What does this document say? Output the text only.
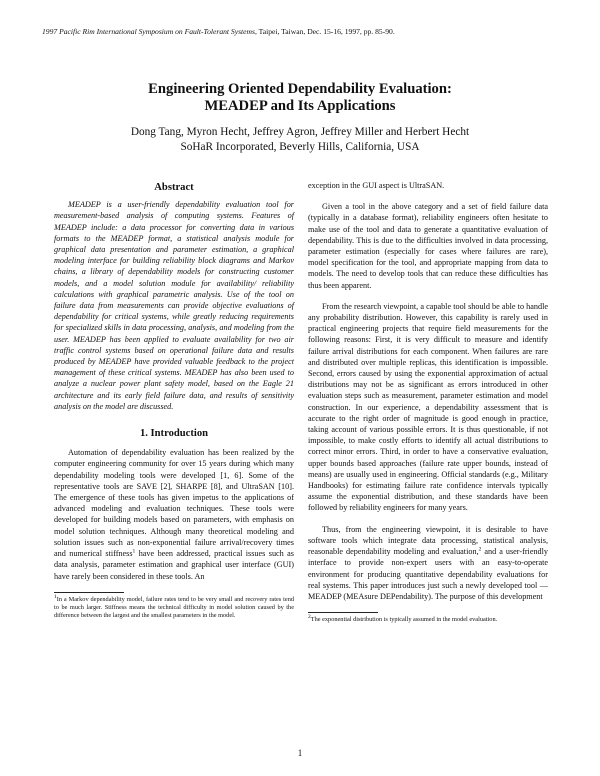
1997 Pacific Rim International Symposium on Fault-Tolerant Systems, Taipei, Taiwan, Dec. 15-16, 1997, pp. 85-90.
Engineering Oriented Dependability Evaluation:
MEADEP and Its Applications
Dong Tang, Myron Hecht, Jeffrey Agron, Jeffrey Miller and Herbert Hecht
SoHaR Incorporated, Beverly Hills, California, USA
Abstract

MEADEP is a user-friendly dependability evaluation tool for measurement-based analysis of computing systems. Features of MEADEP include: a data processor for converting data in various formats to the MEADEP format, a statistical analysis module for graphical data presentation and parameter estimation, a graphical modeling interface for building reliability block diagrams and Markov chains, a library of dependability models for constructing customer models, and a model solution module for availability/ reliability calculations with graphical parametric analysis. Use of the tool on failure data from measurements can provide objective evaluations of dependability for critical systems, while greatly reducing requirements for specialized skills in data processing, analysis, and modeling from the user. MEADEP has been applied to evaluate availability for two air traffic control systems based on operational failure data and results produced by MEADEP have provided valuable feedback to the project management of these critical systems. MEADEP has also been used to analyze a nuclear power plant safety model, based on the Eagle 21 architecture and its early field failure data, and results of sensitivity analysis on the model are discussed.

1. Introduction

Automation of dependability evaluation has been realized by the computer engineering community for over 15 years during which many dependability modeling tools were developed [1, 6]. Some of the representative tools are SAVE [2], SHARPE [8], and UltraSAN [10]. The emergence of these tools has given impetus to the applications of advanced modeling and evaluation techniques. These tools were developed for building models based on parameters, with emphasis on model solution techniques. Although many theoretical modeling and solution issues such as non-exponential failure arrival/recovery times and numerical stiffness$^1$ have been addressed, practical issues such as data analysis, parameter estimation and graphical user interface (GUI) have rarely been considered in these tools. An

$^1$In a Markov dependability model, failure rates tend to be very small and recovery rates tend to be much larger. Stiffness means the technical difficulty in model solution caused by the difference between the largest and the smallest parameters in the model.

exception in the GUI aspect is UltraSAN.

Given a tool in the above category and a set of field failure data (typically in a database format), reliability engineers often hesitate to make use of the tool and data to generate a quantitative evaluation of dependability. This is due to the difficulties involved in data processing, parameter estimation (especially for cases where failures are rare), model specification for the tool, and appropriate mapping from data to models. The need to develop tools that can reduce these difficulties has thus been apparent.

From the research viewpoint, a capable tool should be able to handle any probability distribution. However, this capability is rarely used in practical engineering projects that require field measurements for the following reasons: First, it is very difficult to measure and identify failure arrival distributions for each component. When failures are rare and distributed over multiple replicas, this identification is impossible. Second, errors caused by using the exponential approximation of actual distributions may not be as significant as errors introduced in other evaluation steps such as measurement, parameter estimation and model construction. In our experience, a dependability assessment that is accurate to the right order of magnitude is good enough in practice, taking account of various possible errors. It is thus questionable, if not impossible, to make costly efforts to identify all actual distributions to correct minor errors. Third, in order to have a conservative evaluation, upper bounds based approaches (failure rate upper bounds, instead of means) are usually used in engineering. Official standards (e.g., Military Handbooks) for estimating failure rate confidence intervals typically assume the exponential distribution, and these standards have been followed by reliability engineers for many years.

Thus, from the engineering viewpoint, it is desirable to have software tools which integrate data processing, statistical analysis, reasonable dependability modeling and evaluation,$^2$ and a user-friendly interface to provide non-expert users with an easy-to-operate environment for producing quantitative dependability evaluations for real systems. This paper introduces just such a newly developed tool — MEADEP (MEAsure DEPendability). The purpose of this development

$^2$The exponential distribution is typically assumed in the model evaluation.

1
